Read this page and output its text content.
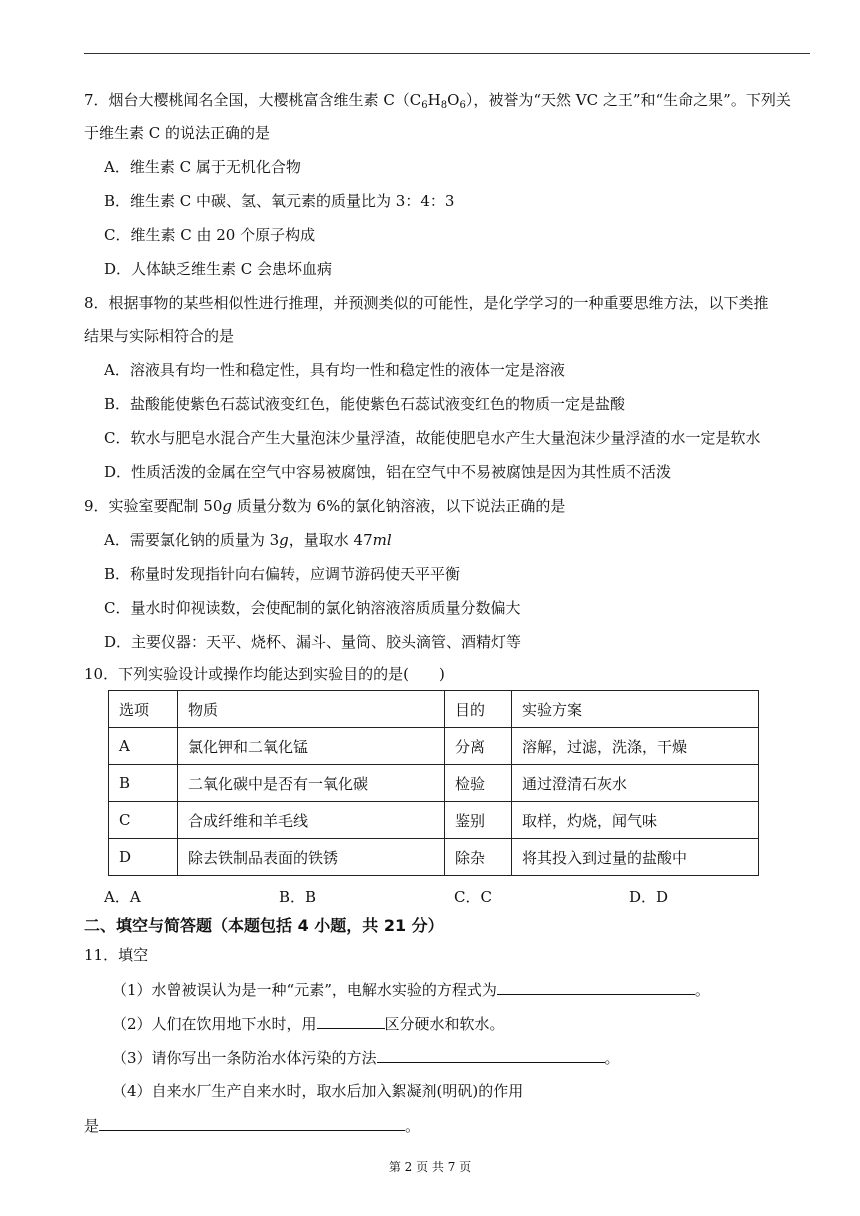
7．烟台大樱桃闻名全国，大樱桃富含维生素 $C(C_6H_8O_6)$，被誉为“天然 VC 之王”和“生命之果”。下列关
于维生素 C 的说法正确的是
A．维生素 C 属于无机化合物
B．维生素 C 中碳、氢、氧元素的质量比为 3：4：3
C．维生素 C 由 20 个原子构成
D．人体缺乏维生素 C 会患坏血病
8．根据事物的某些相似性进行推理，并预测类似的可能性，是化学学习的一种重要思维方法，以下类推
结果与实际相符合的是
A．溶液具有均一性和稳定性，具有均一性和稳定性的液体一定是溶液
B．盐酸能使紫色石蕊试液变红色，能使紫色石蕊试液变红色的物质一定是盐酸
C．软水与肥皂水混合产生大量泡沫少量浮渣，故能使肥皂水产生大量泡沫少量浮渣的水一定是软水
D．性质活泼的金属在空气中容易被腐蚀，铝在空气中不易被腐蚀是因为其性质不活泼
9．实验室要配制 50g 质量分数为 6%的氯化钠溶液，以下说法正确的是
A．需要氯化钠的质量为 3g，量取水 47ml
B．称量时发现指针向右偏转，应调节游码使天平平衡
C．量水时仰视读数，会使配制的氯化钠溶液溶质质量分数偏大
D．主要仪器：天平、烧杯、漏斗、量筒、胶头滴管、酒精灯等
10．下列实验设计或操作均能达到实验目的的是(　　)
选项	物质	目的	实验方案
A	氯化钾和二氧化锰	分离	溶解，过滤，洗涤，干燥
B	二氧化碳中是否有一氧化碳	检验	通过澄清石灰水
C	合成纤维和羊毛线	鉴别	取样，灼烧，闻气味
D	除去铁制品表面的铁锈	除杂	将其投入到过量的盐酸中
A．A	B．B	C．C	D．D
二、填空与简答题（本题包括 4 小题，共 21 分）
11．填空
（1）水曾被误认为是一种“元素”，电解水实验的方程式为	。
（2）人们在饮用地下水时，用	区分硬水和软水。
（3）请你写出一条防治水体污染的方法	。
（4）自来水厂生产自来水时，取水后加入絮凝剂(明矾)的作用
是	。
第 2 页 共 7 页
